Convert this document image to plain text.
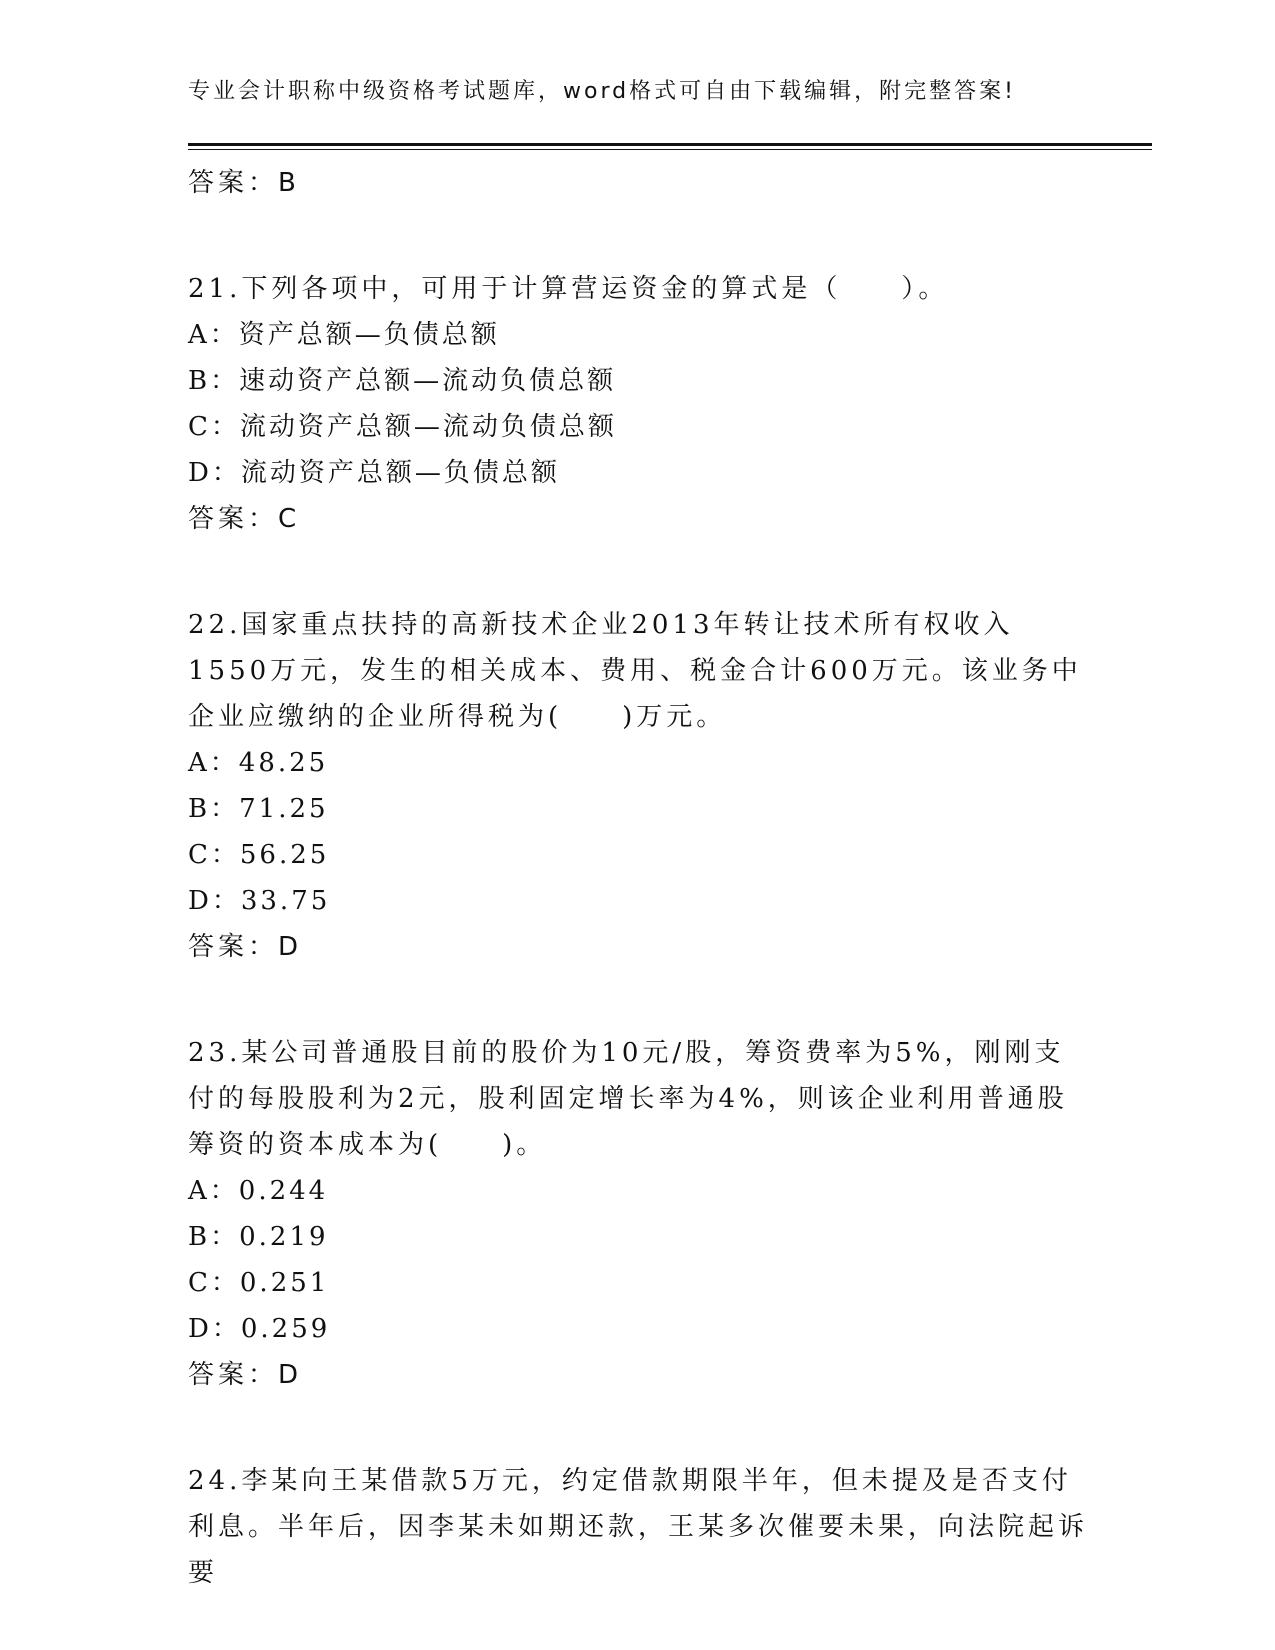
专业会计职称中级资格考试题库，word格式可自由下载编辑，附完整答案!

答案：B

21.下列各项中，可用于计算营运资金的算式是（　　）。

A：资产总额—负债总额

B：速动资产总额—流动负债总额

C：流动资产总额—流动负债总额

D：流动资产总额—负债总额

答案：C

22.国家重点扶持的高新技术企业2013年转让技术所有权收入1550万元，发生的相关成本、费用、税金合计600万元。该业务中企业应缴纳的企业所得税为(　　)万元。

A：48.25

B：71.25

C：56.25

D：33.75

答案：D

23.某公司普通股目前的股价为10元/股，筹资费率为5%，刚刚支付的每股股利为2元，股利固定增长率为4%，则该企业利用普通股筹资的资本成本为(　　)。

A：0.244

B：0.219

C：0.251

D：0.259

答案：D

24.李某向王某借款5万元，约定借款期限半年，但未提及是否支付利息。半年后，因李某未如期还款，王某多次催要未果，向法院起诉要
